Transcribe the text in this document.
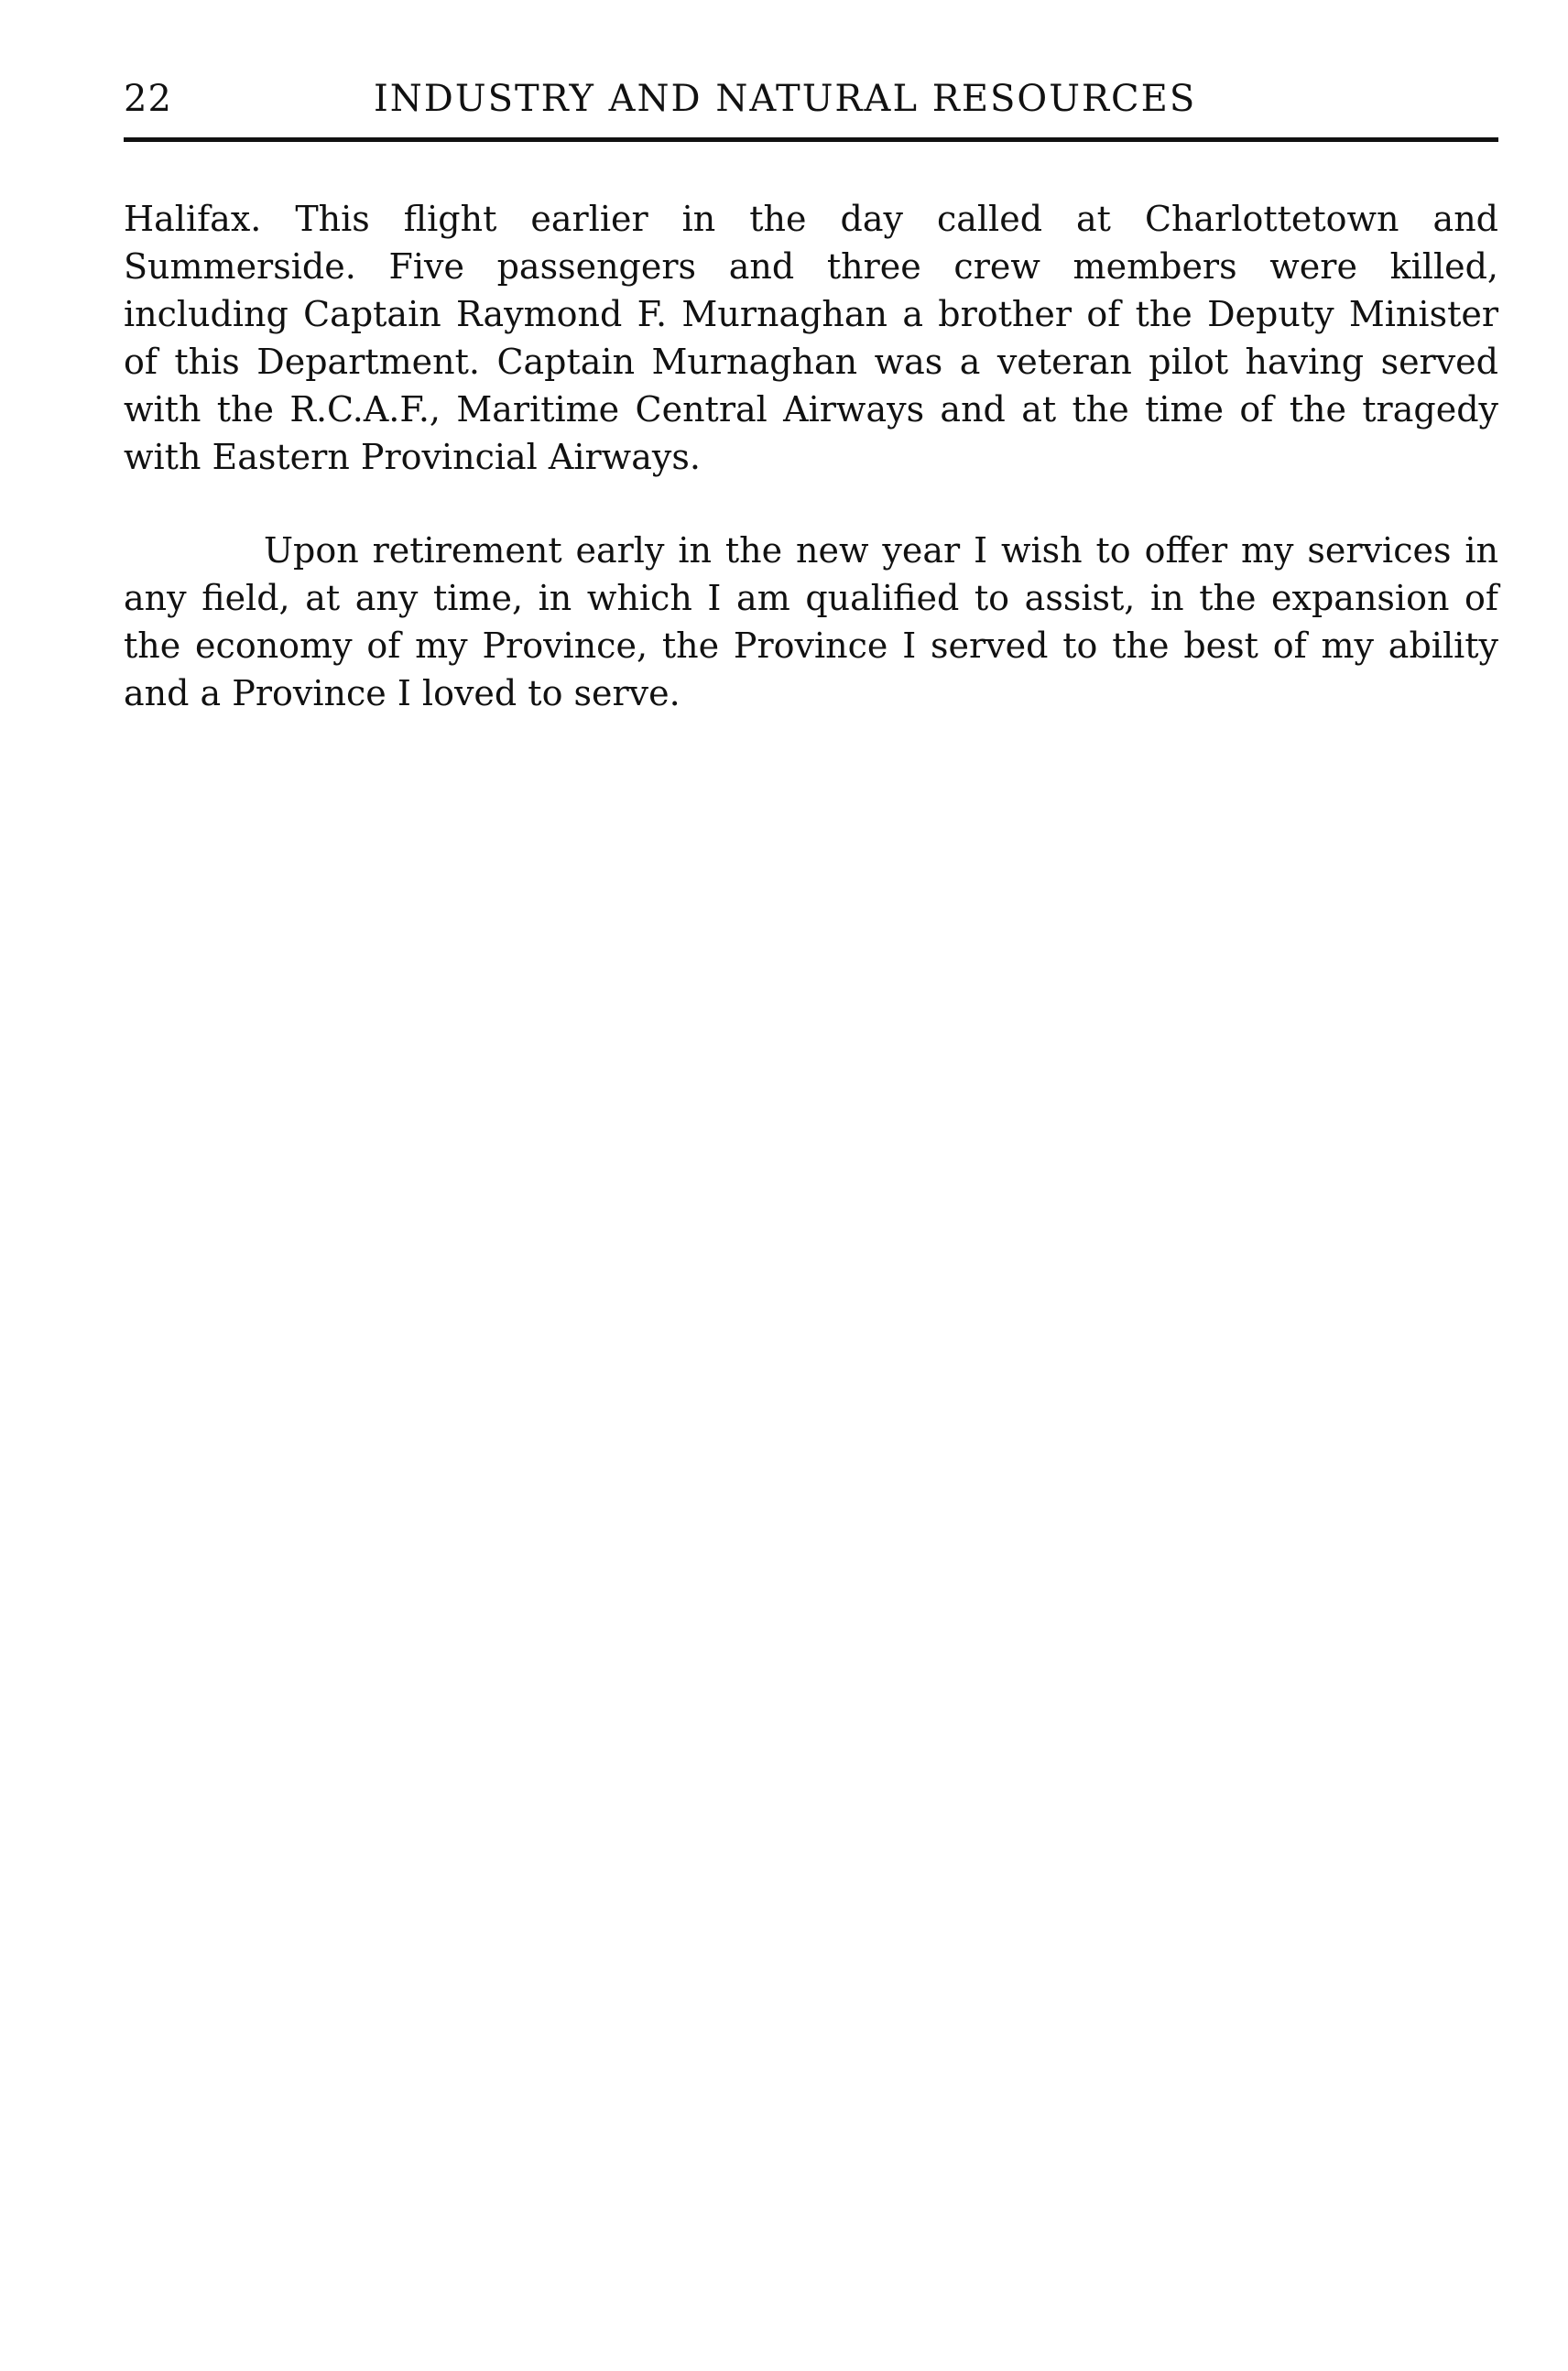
22	INDUSTRY AND NATURAL RESOURCES

Halifax. This flight earlier in the day called at Charlottetown and Summerside. Five passengers and three crew members were killed, including Captain Raymond F. Murnaghan a brother of the Deputy Minister of this Department. Captain Murnaghan was a veteran pilot having served with the R.C.A.F., Maritime Central Airways and at the time of the tragedy with Eastern Provincial Airways.

Upon retirement early in the new year I wish to offer my services in any field, at any time, in which I am qualified to assist, in the expansion of the economy of my Province, the Province I served to the best of my ability and a Province I loved to serve.
